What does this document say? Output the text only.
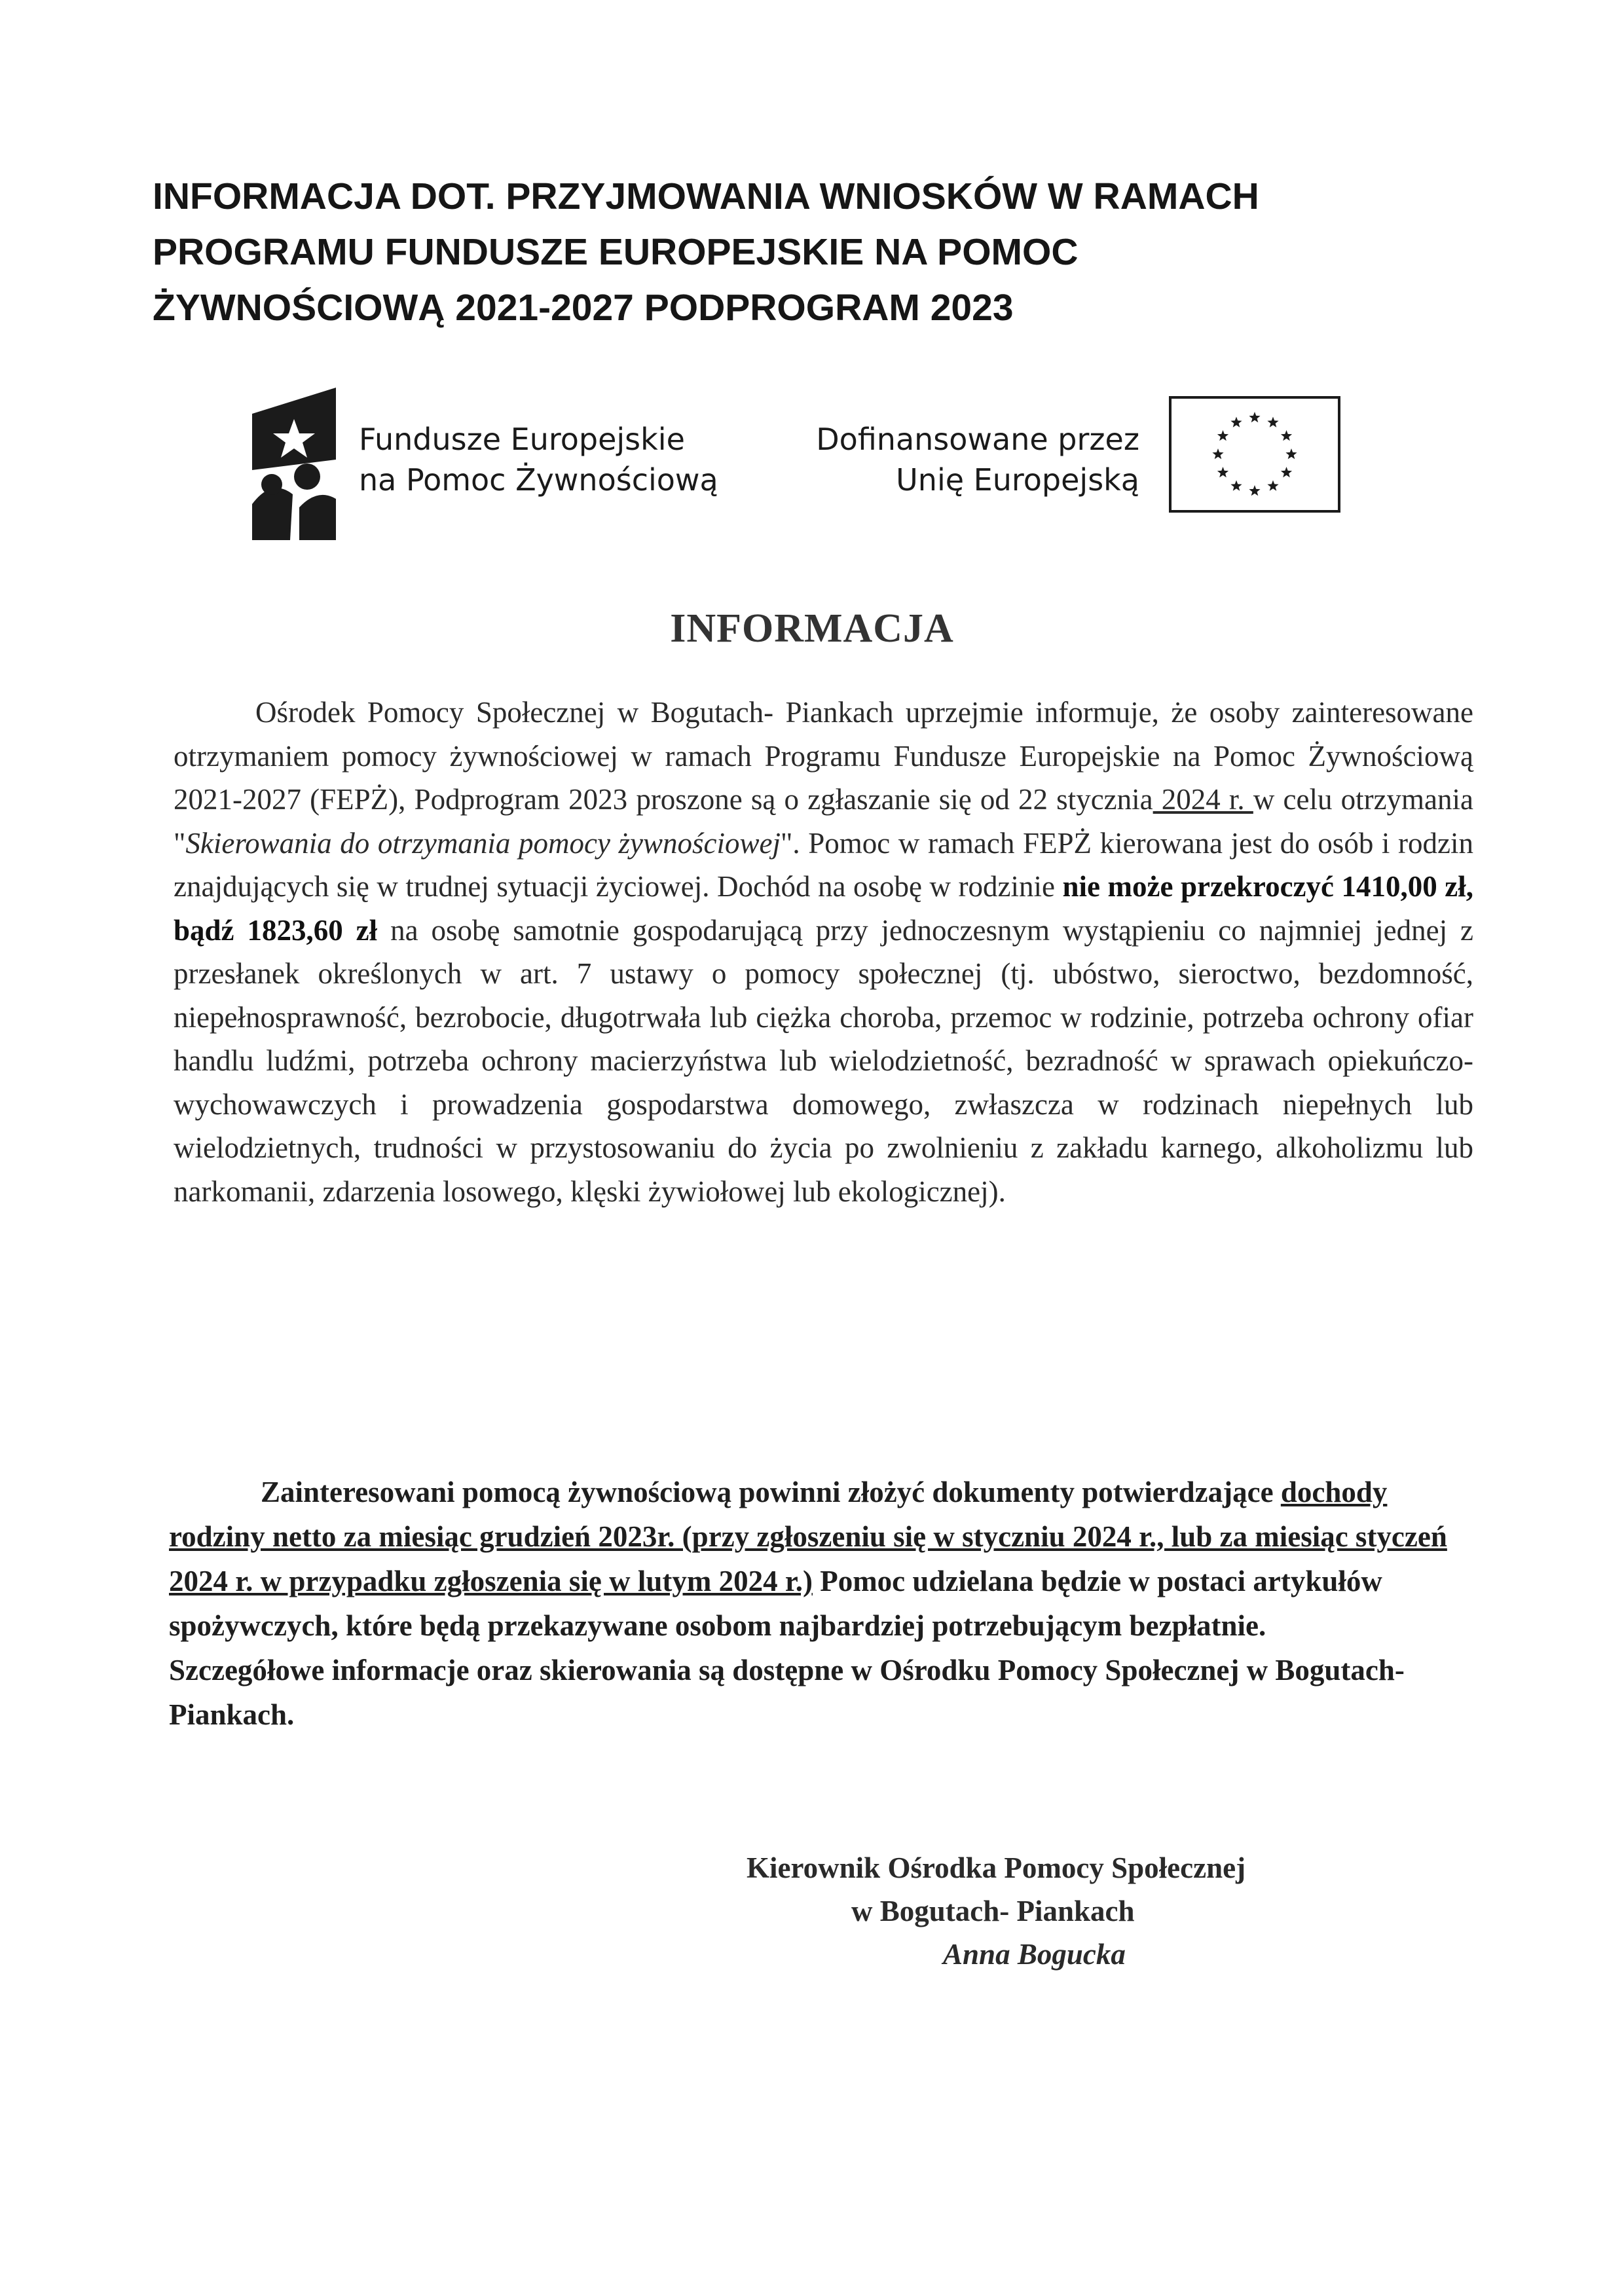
INFORMACJA DOT. PRZYJMOWANIA WNIOSKÓW W RAMACH
PROGRAMU FUNDUSZE EUROPEJSKIE NA POMOC
ŻYWNOŚCIOWĄ 2021-2027 PODPROGRAM 2023
Fundusze Europejskie
na Pomoc Żywnościową
Dofinansowane przez
Unię Europejską
INFORMACJA

Ośrodek Pomocy Społecznej w Bogutach- Piankach uprzejmie informuje, że osoby zainteresowane otrzymaniem pomocy żywnościowej w ramach Programu Fundusze Europejskie na Pomoc Żywnościową 2021-2027 (FEPŻ), Podprogram 2023 proszone są o zgłaszanie się od 22 stycznia 2024 r. w celu otrzymania "Skierowania do otrzymania pomocy żywnościowej". Pomoc w ramach FEPŻ kierowana jest do osób i rodzin znajdujących się w trudnej sytuacji życiowej. Dochód na osobę w rodzinie nie może przekroczyć 1410,00 zł, bądź 1823,60 zł na osobę samotnie gospodarującą przy jednoczesnym wystąpieniu co najmniej jednej z przesłanek określonych w art. 7 ustawy o pomocy społecznej (tj. ubóstwo, sieroctwo, bezdomność, niepełnosprawność, bezrobocie, długotrwała lub ciężka choroba, przemoc w rodzinie, potrzeba ochrony ofiar handlu ludźmi, potrzeba ochrony macierzyństwa lub wielodzietność, bezradność w sprawach opiekuńczo-wychowawczych i prowadzenia gospodarstwa domowego, zwłaszcza w rodzinach niepełnych lub wielodzietnych, trudności w przystosowaniu do życia po zwolnieniu z zakładu karnego, alkoholizmu lub narkomanii, zdarzenia losowego, klęski żywiołowej lub ekologicznej).

Zainteresowani pomocą żywnościową powinni złożyć dokumenty potwierdzające dochody rodziny netto za miesiąc grudzień 2023r. (przy zgłoszeniu się w styczniu 2024 r., lub za miesiąc styczeń 2024 r. w przypadku zgłoszenia się w lutym 2024 r.) Pomoc udzielana będzie w postaci artykułów spożywczych, które będą przekazywane osobom najbardziej potrzebującym bezpłatnie.

Szczegółowe informacje oraz skierowania są dostępne w Ośrodku Pomocy Społecznej w Bogutach- Piankach.

Kierownik Ośrodka Pomocy Społecznej
w Bogutach- Piankach
Anna Bogucka
